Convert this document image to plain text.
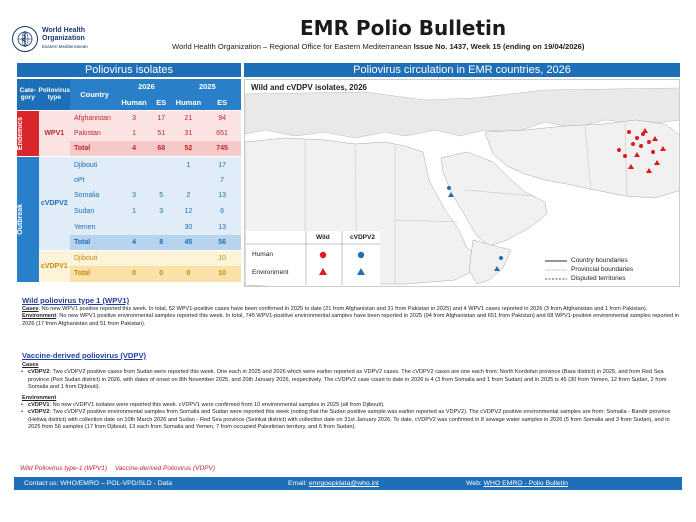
World Health
Organization
Eastern Mediterranean
EMR Polio Bulletin
World Health Organization – Regional Office for Eastern Mediterranean Issue No. 1437, Week 15 (ending on 19/04/2026)
Poliovirus isolates	Poliovirus circulation in EMR countries, 2026
Cate-gory	Poliovirus type	Country	2026		2025	
			Human	ES	Human	ES

Endemics	WPV1	Afghanistan	3	17	21	94
		Pakistan	1	51	31	651
		Total	4	68	52	745

Outbreak	cVDPV2	Djibouti			1	17
		oPt				7
		Somalia	3	5	2	13
		Sudan	1	3	12	6
		Yemen			30	13
		Total	4	8	45	56
	cVDPV1	Djibouti				10
		Total	0	0	0	10
Wild and cVDPV isolates, 2026
Wild	cVDPV2
Human
Environment
Country boundaries
Provincial boundaries
Disputed territories
Wild poliovirus type 1 (WPV1)
Cases: No new WPV1 positive reported this week. In total, 52 WPV1-positive cases have been confirmed in 2025 to date (21 from Afghanistan and 31 from Pakistan in 2025) and 4 WPV1 cases reported in 2026 (3 from Afghanistan and 1 from Pakistan).
Environment: No new WPV1 positive environmental samples reported this week. In total, 745 WPV1-positive environmental samples have been reported in 2025 (94 from Afghanistan and 651 from Pakistan) and 68 WPV1-positive environmental samples reported in 2026 (17 from Afghanistan and 51 from Pakistan).
Vaccine-derived poliovirus (VDPV)
Cases
• cVDPV2: Two cVDPV2 positive cases from Sudan were reported this week. One each in 2025 and 2026 which were earlier reported as VDPV2 cases. The cVDPV2 cases are one each from: North Kordofan province (Bara district) in 2025, and from Red Sea province (Port Sudan district) in 2026, with dates of onset on 8th November 2025, and 20th January 2026, respectively. The cVDPV2 case count to date in 2026 is 4 (3 from Somalia and 1 from Sudan) and in 2025 is 45 (30 from Yemen, 12 from Sudan, 2 from Somalia and 1 from Djibouti).
Environment
• cVDPV1: No new cVDPV1 isolates were reported this week. cVDPV1 were confirmed from 10 environmental samples in 2025 (all from Djibouti).
• cVDPV2: Two cVDPV2 positive environmental samples from Somalia and Sudan were reported this week (noting that the Sudan positive sample was earlier reported as VDPV2). The cVDPV2 positive environmental samples are from: Somalia - Bandir province (Heliwa district) with collection date on 10th March 2026 and Sudan - Red Sea province (Seinkat district) with collection date on 31st January 2026. To date, cVDPV2 was confirmed in 8 sewage water samples in 2026 (5 from Somalia and 3 from Sudan), and in 2025 from 56 samples (17 from Djibouti, 13 each from Somalia and Yemen, 7 from occupied Palestinian territory, and 6 from Sudan).
Wild Poliovirus type-1 (WPV1) Vaccine-derived Poliovirus (VDPV)
Contact us: WHO/EMRO – POL-VPD/SLD - Data	Email: emrgoepidata@who.int	Web: WHO EMRO - Polio Bulletin
